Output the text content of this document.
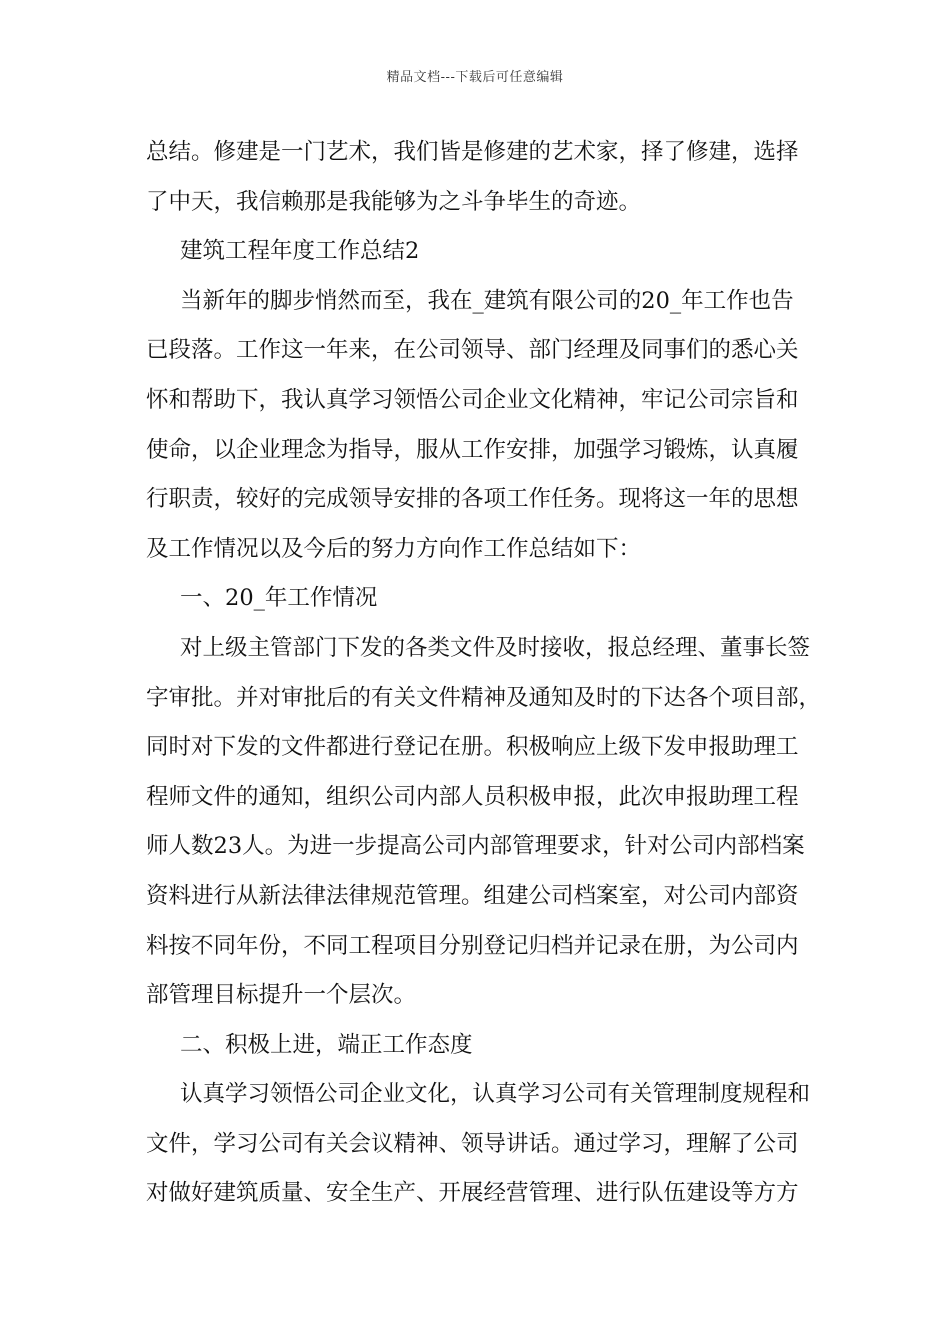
精品文档---下载后可任意编辑
总结。修建是一门艺术，我们皆是修建的艺术家，择了修建，选择
了中天，我信赖那是我能够为之斗争毕生的奇迹。
建筑工程年度工作总结2
当新年的脚步悄然而至，我在_建筑有限公司的20_年工作也告
已段落。工作这一年来，在公司领导、部门经理及同事们的悉心关
怀和帮助下，我认真学习领悟公司企业文化精神，牢记公司宗旨和
使命，以企业理念为指导，服从工作安排，加强学习锻炼，认真履
行职责，较好的完成领导安排的各项工作任务。现将这一年的思想
及工作情况以及今后的努力方向作工作总结如下：
一、20_年工作情况
对上级主管部门下发的各类文件及时接收，报总经理、董事长签
字审批。并对审批后的有关文件精神及通知及时的下达各个项目部，
同时对下发的文件都进行登记在册。积极响应上级下发申报助理工
程师文件的通知，组织公司内部人员积极申报，此次申报助理工程
师人数23人。为进一步提高公司内部管理要求，针对公司内部档案
资料进行从新法律法律规范管理。组建公司档案室，对公司内部资
料按不同年份，不同工程项目分别登记归档并记录在册，为公司内
部管理目标提升一个层次。
二、积极上进，端正工作态度
认真学习领悟公司企业文化，认真学习公司有关管理制度规程和
文件，学习公司有关会议精神、领导讲话。通过学习，理解了公司
对做好建筑质量、安全生产、开展经营管理、进行队伍建设等方方
